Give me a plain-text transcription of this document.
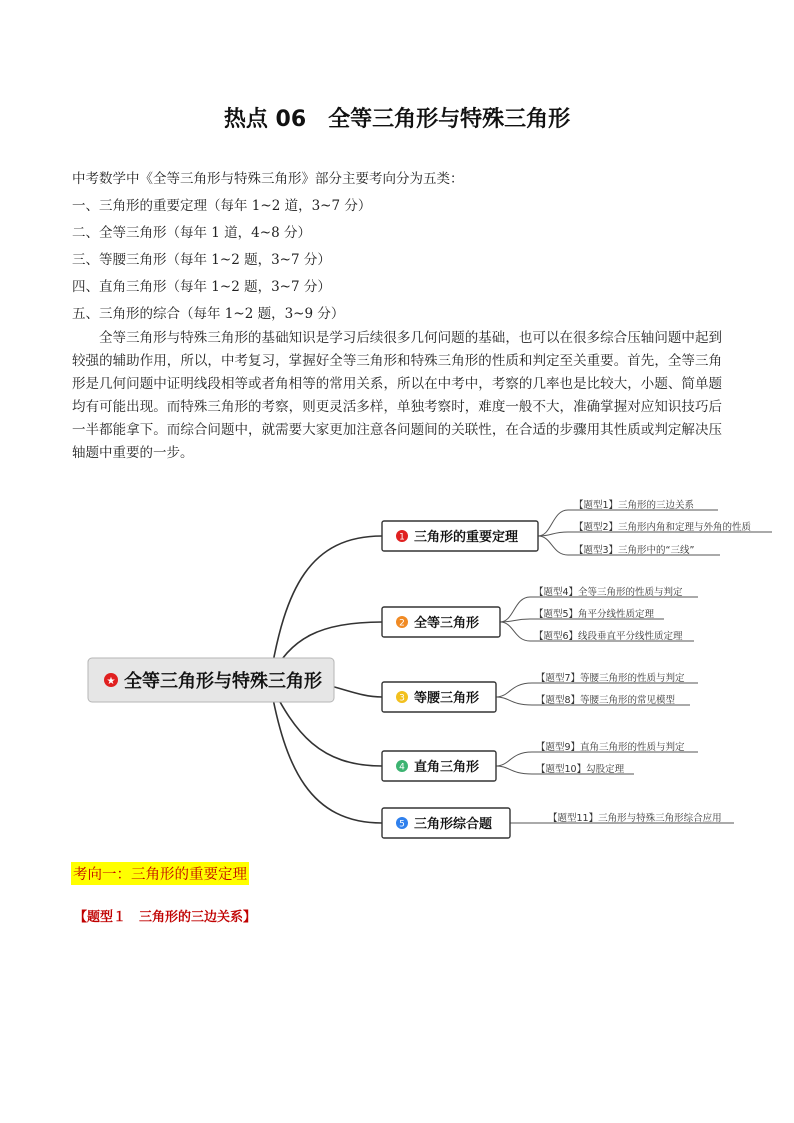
热点 06　全等三角形与特殊三角形
中考数学中《全等三角形与特殊三角形》部分主要考向分为五类：
一、三角形的重要定理（每年 1~2 道，3~7 分）
二、全等三角形（每年 1 道，4~8 分）
三、等腰三角形（每年 1~2 题，3~7 分）
四、直角三角形（每年 1~2 题，3~7 分）
五、三角形的综合（每年 1~2 题，3~9 分）
全等三角形与特殊三角形的基础知识是学习后续很多几何问题的基础，也可以在很多综合压轴问题中起到较强的辅助作用，所以，中考复习，掌握好全等三角形和特殊三角形的性质和判定至关重要。首先，全等三角形是几何问题中证明线段相等或者角相等的常用关系，所以在中考中，考察的几率也是比较大，小题、简单题均有可能出现。而特殊三角形的考察，则更灵活多样，单独考察时，难度一般不大，准确掌握对应知识技巧后一半都能拿下。而综合问题中，就需要大家更加注意各问题间的关联性，在合适的步骤用其性质或判定解决压轴题中重要的一步。
★ 全等三角形与特殊三角形
1 三角形的重要定理
2 全等三角形
3 等腰三角形
4 直角三角形
5 三角形综合题
【题型1】三角形的三边关系
【题型2】三角形内角和定理与外角的性质
【题型3】三角形中的“三线”
【题型4】全等三角形的性质与判定
【题型5】角平分线性质定理
【题型6】线段垂直平分线性质定理
【题型7】等腰三角形的性质与判定
【题型8】等腰三角形的常见模型
【题型9】直角三角形的性质与判定
【题型10】勾股定理
【题型11】三角形与特殊三角形综合应用
考向一：三角形的重要定理
【题型１　三角形的三边关系】
